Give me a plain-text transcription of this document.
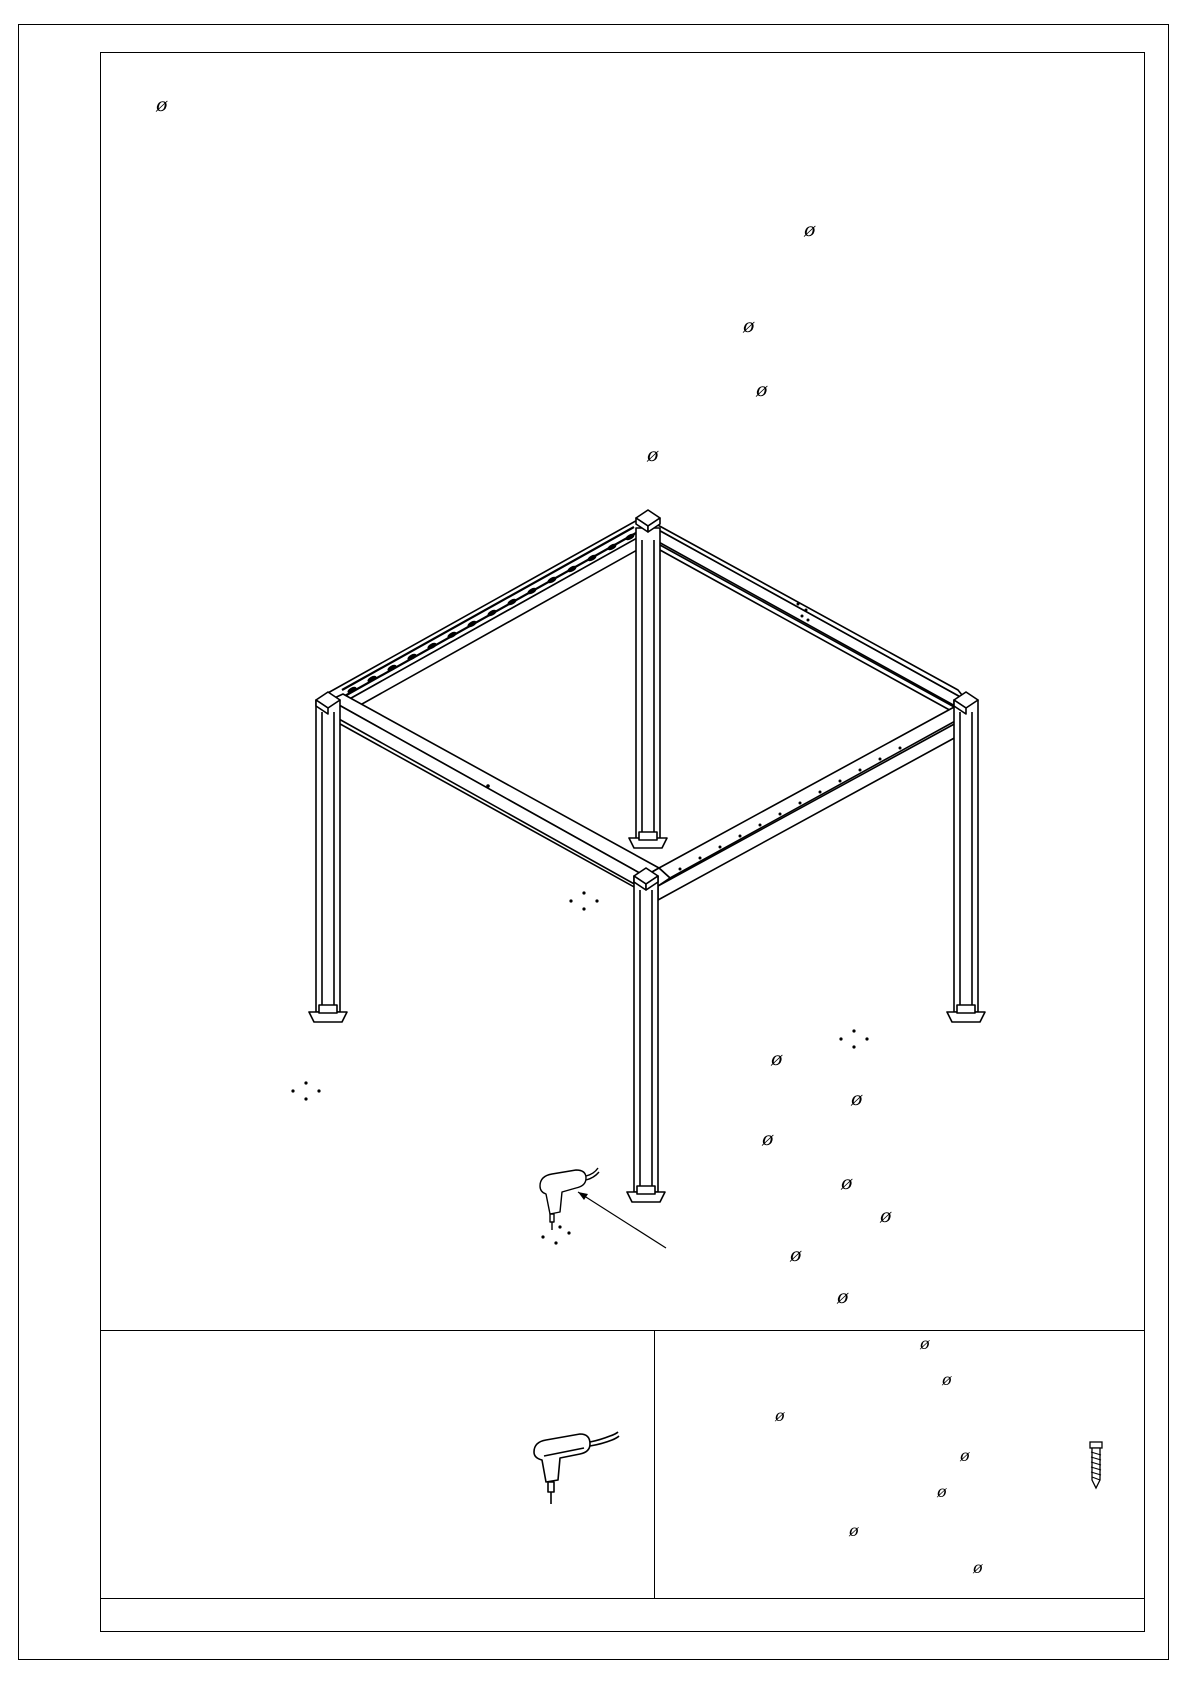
ø
ø
ø
ø
ø
ø
ø
ø
ø
ø
ø
ø
ø
ø
ø
ø
ø
ø
ø
